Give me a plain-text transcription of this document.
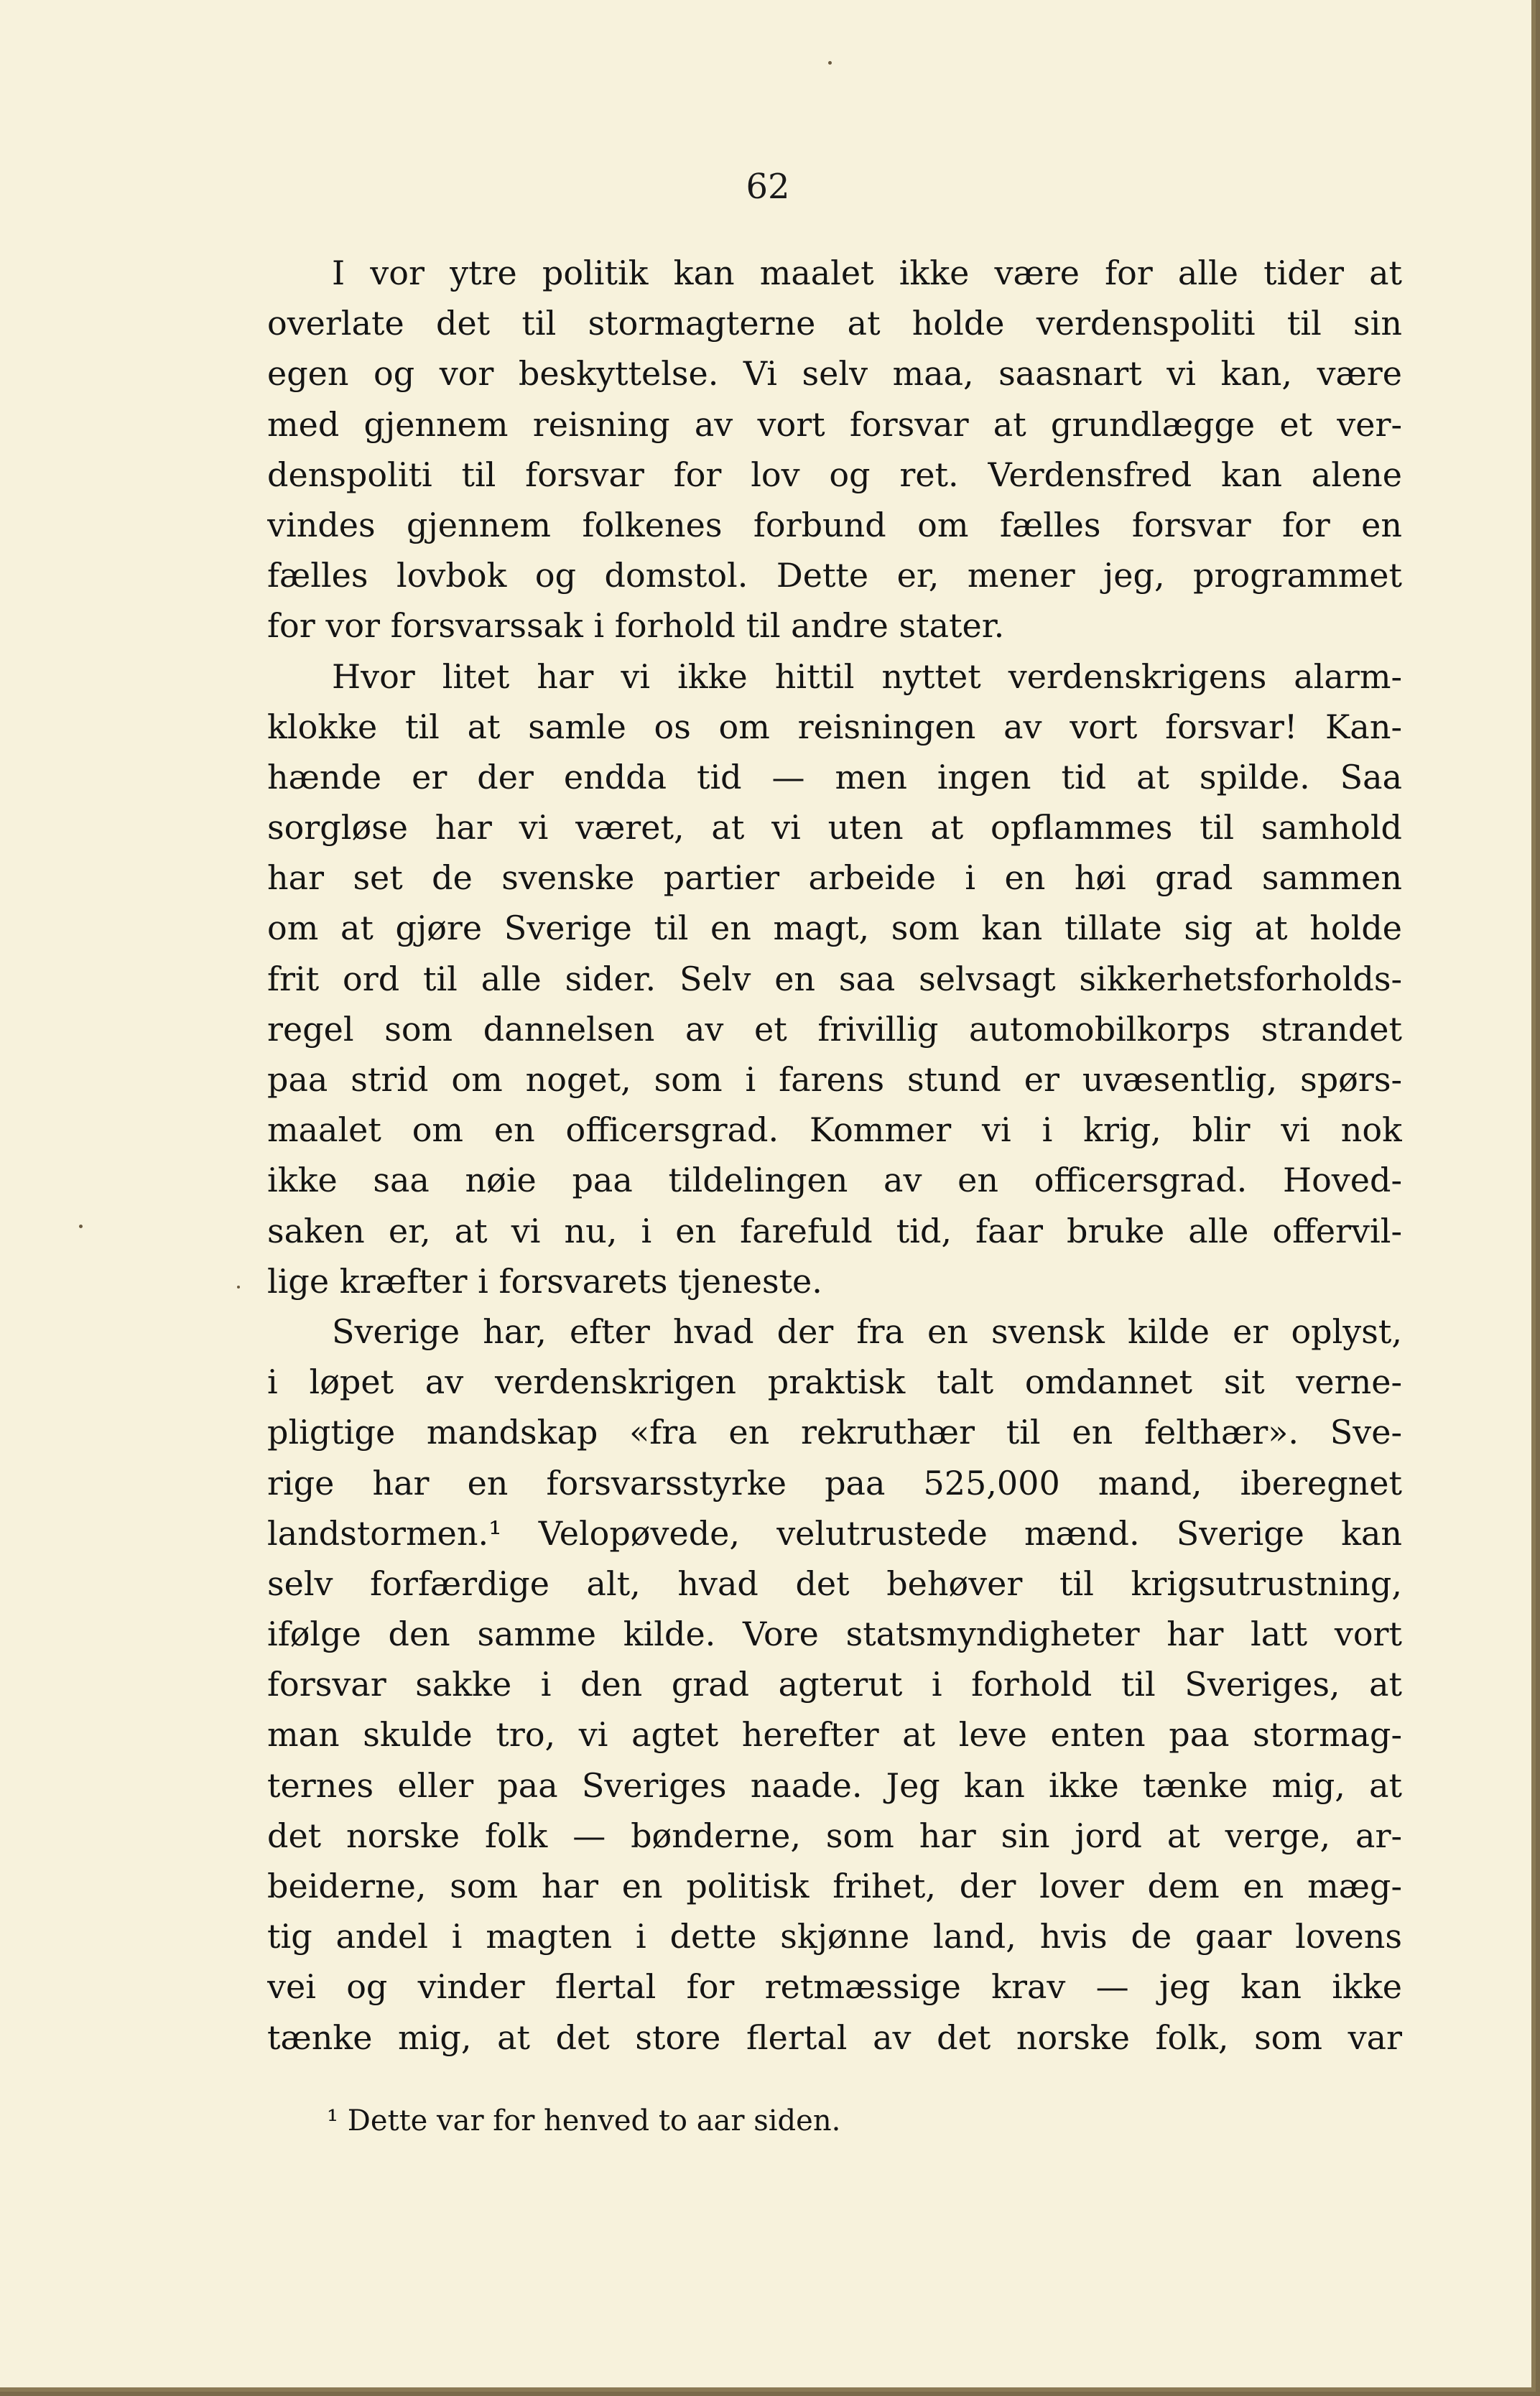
62
I vor ytre politik kan maalet ikke være for alle tider at
overlate det til stormagterne at holde verdenspoliti til sin
egen og vor beskyttelse. Vi selv maa, saasnart vi kan, være
med gjennem reisning av vort forsvar at grundlægge et ver-
denspoliti til forsvar for lov og ret. Verdensfred kan alene
vindes gjennem folkenes forbund om fælles forsvar for en
fælles lovbok og domstol. Dette er, mener jeg, programmet
for vor forsvarssak i forhold til andre stater.
Hvor litet har vi ikke hittil nyttet verdenskrigens alarm-
klokke til at samle os om reisningen av vort forsvar! Kan-
hænde er der endda tid — men ingen tid at spilde. Saa
sorgløse har vi været, at vi uten at opflammes til samhold
har set de svenske partier arbeide i en høi grad sammen
om at gjøre Sverige til en magt, som kan tillate sig at holde
frit ord til alle sider. Selv en saa selvsagt sikkerhetsforholds-
regel som dannelsen av et frivillig automobilkorps strandet
paa strid om noget, som i farens stund er uvæsentlig, spørs-
maalet om en officersgrad. Kommer vi i krig, blir vi nok
ikke saa nøie paa tildelingen av en officersgrad. Hoved-
saken er, at vi nu, i en farefuld tid, faar bruke alle offervil-
lige kræfter i forsvarets tjeneste.
Sverige har, efter hvad der fra en svensk kilde er oplyst,
i løpet av verdenskrigen praktisk talt omdannet sit verne-
pligtige mandskap «fra en rekruthær til en felthær». Sve-
rige har en forsvarsstyrke paa 525,000 mand, iberegnet
landstormen.¹ Velopøvede, velutrustede mænd. Sverige kan
selv forfærdige alt, hvad det behøver til krigsutrustning,
ifølge den samme kilde. Vore statsmyndigheter har latt vort
forsvar sakke i den grad agterut i forhold til Sveriges, at
man skulde tro, vi agtet herefter at leve enten paa stormag-
ternes eller paa Sveriges naade. Jeg kan ikke tænke mig, at
det norske folk — bønderne, som har sin jord at verge, ar-
beiderne, som har en politisk frihet, der lover dem en mæg-
tig andel i magten i dette skjønne land, hvis de gaar lovens
vei og vinder flertal for retmæssige krav — jeg kan ikke
tænke mig, at det store flertal av det norske folk, som var
¹ Dette var for henved to aar siden.
